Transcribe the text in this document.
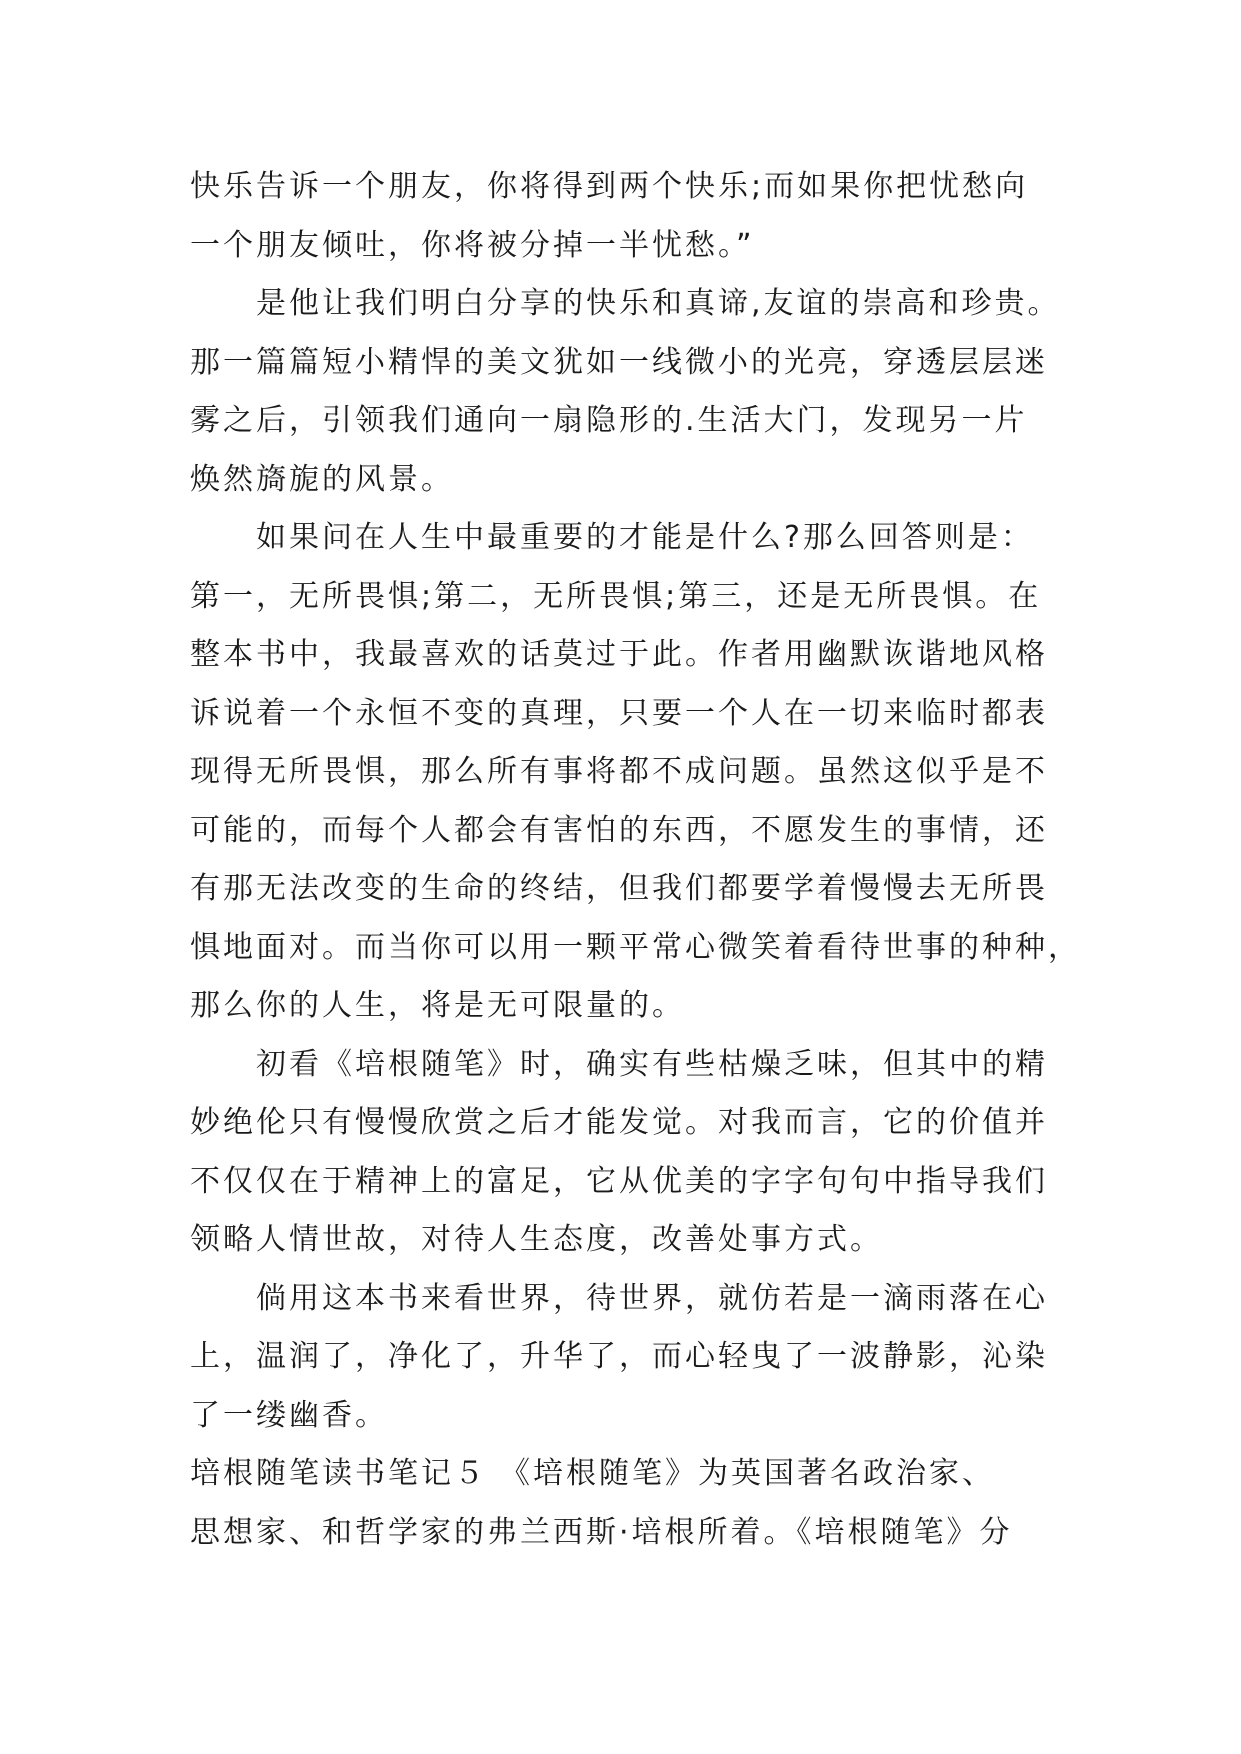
快乐告诉一个朋友，你将得到两个快乐;而如果你把忧愁向
一个朋友倾吐，你将被分掉一半忧愁。”
　　是他让我们明白分享的快乐和真谛,友谊的崇高和珍贵。
那一篇篇短小精悍的美文犹如一线微小的光亮，穿透层层迷
雾之后，引领我们通向一扇隐形的.生活大门，发现另一片
焕然旖旎的风景。
　　如果问在人生中最重要的才能是什么?那么回答则是：
第一，无所畏惧;第二，无所畏惧;第三，还是无所畏惧。在
整本书中，我最喜欢的话莫过于此。作者用幽默诙谐地风格
诉说着一个永恒不变的真理，只要一个人在一切来临时都表
现得无所畏惧，那么所有事将都不成问题。虽然这似乎是不
可能的，而每个人都会有害怕的东西，不愿发生的事情，还
有那无法改变的生命的终结，但我们都要学着慢慢去无所畏
惧地面对。而当你可以用一颗平常心微笑着看待世事的种种，
那么你的人生，将是无可限量的。
　　初看《培根随笔》时，确实有些枯燥乏味，但其中的精
妙绝伦只有慢慢欣赏之后才能发觉。对我而言，它的价值并
不仅仅在于精神上的富足，它从优美的字字句句中指导我们
领略人情世故，对待人生态度，改善处事方式。
　　倘用这本书来看世界，待世界，就仿若是一滴雨落在心
上，温润了，净化了，升华了，而心轻曳了一波静影，沁染
了一缕幽香。
培根随笔读书笔记５ 《培根随笔》为英国著名政治家、
思想家、和哲学家的弗兰西斯·培根所着。《培根随笔》分
